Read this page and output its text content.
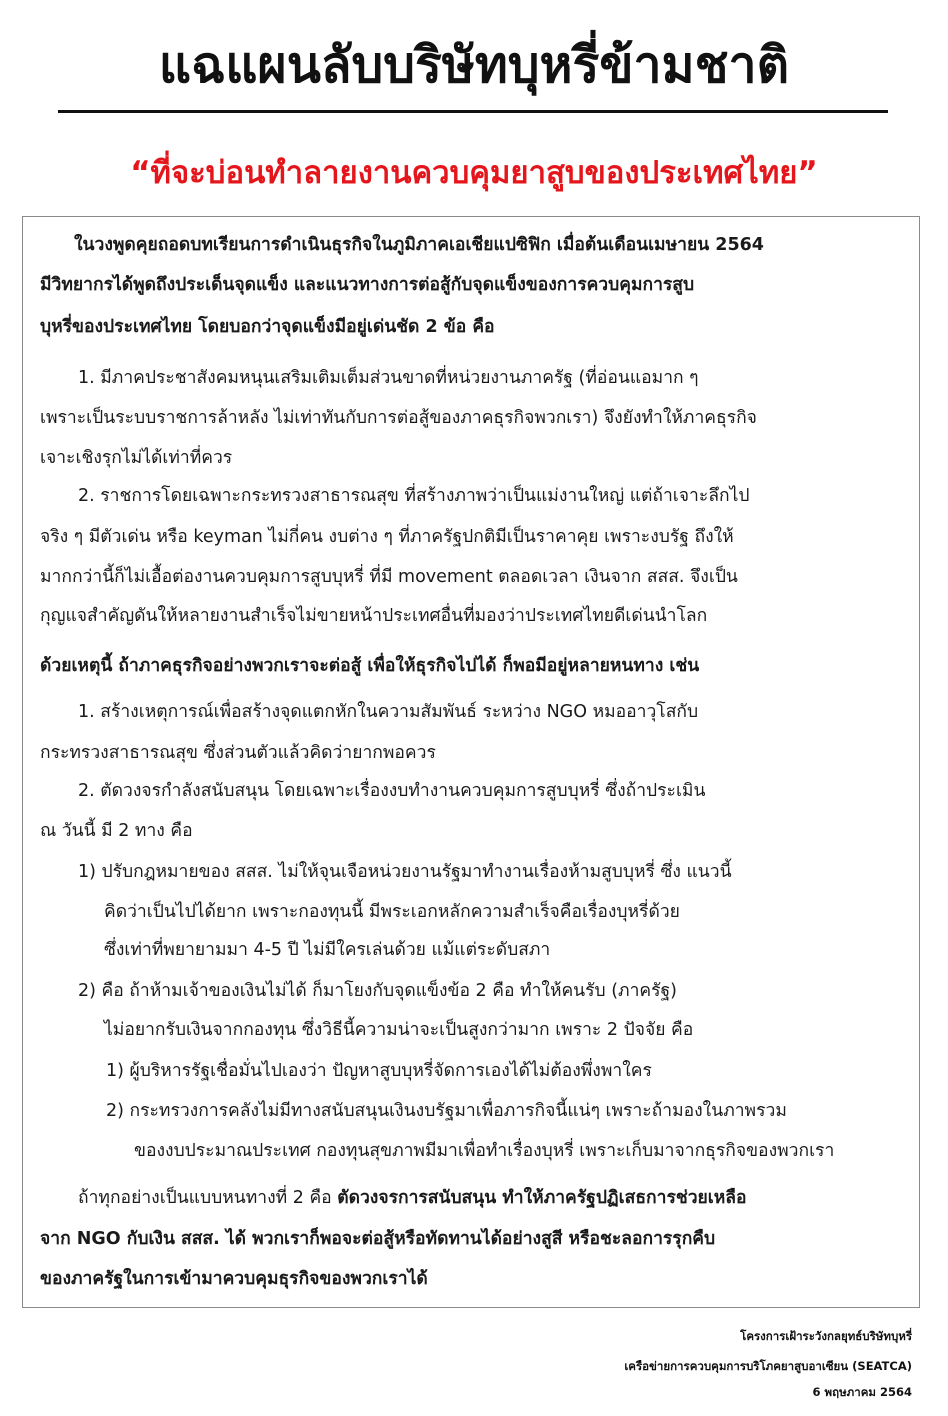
แฉแผนลับบริษัทบุหรี่ข้ามชาติ
“ที่จะบ่อนทำลายงานควบคุมยาสูบของประเทศไทย”
ในวงพูดคุยถอดบทเรียนการดำเนินธุรกิจในภูมิภาคเอเชียแปซิฟิก เมื่อต้นเดือนเมษายน 2564
มีวิทยากรได้พูดถึงประเด็นจุดแข็ง และแนวทางการต่อสู้กับจุดแข็งของการควบคุมการสูบ
บุหรี่ของประเทศไทย โดยบอกว่าจุดแข็งมีอยู่เด่นชัด 2 ข้อ คือ
1. มีภาคประชาสังคมหนุนเสริมเติมเต็มส่วนขาดที่หน่วยงานภาครัฐ (ที่อ่อนแอมาก ๆ
เพราะเป็นระบบราชการล้าหลัง ไม่เท่าทันกับการต่อสู้ของภาคธุรกิจพวกเรา) จึงยังทำให้ภาคธุรกิจ
เจาะเชิงรุกไม่ได้เท่าที่ควร
2. ราชการโดยเฉพาะกระทรวงสาธารณสุข ที่สร้างภาพว่าเป็นแม่งานใหญ่ แต่ถ้าเจาะลึกไป
จริง ๆ มีตัวเด่น หรือ keyman ไม่กี่คน งบต่าง ๆ ที่ภาครัฐปกติมีเป็นราคาคุย เพราะงบรัฐ ถึงให้
มากกว่านี้ก็ไม่เอื้อต่องานควบคุมการสูบบุหรี่ ที่มี movement ตลอดเวลา เงินจาก สสส. จึงเป็น
กุญแจสำคัญดันให้หลายงานสำเร็จไม่ขายหน้าประเทศอื่นที่มองว่าประเทศไทยดีเด่นนำโลก
ด้วยเหตุนี้ ถ้าภาคธุรกิจอย่างพวกเราจะต่อสู้ เพื่อให้ธุรกิจไปได้ ก็พอมีอยู่หลายหนทาง เช่น
1. สร้างเหตุการณ์เพื่อสร้างจุดแตกหักในความสัมพันธ์ ระหว่าง NGO หมออาวุโสกับ
กระทรวงสาธารณสุข ซึ่งส่วนตัวแล้วคิดว่ายากพอควร
2. ตัดวงจรกำลังสนับสนุน โดยเฉพาะเรื่องงบทำงานควบคุมการสูบบุหรี่ ซึ่งถ้าประเมิน
ณ วันนี้ มี 2 ทาง คือ
1) ปรับกฎหมายของ สสส. ไม่ให้จุนเจือหน่วยงานรัฐมาทำงานเรื่องห้ามสูบบุหรี่ ซึ่ง แนวนี้
คิดว่าเป็นไปได้ยาก เพราะกองทุนนี้ มีพระเอกหลักความสำเร็จคือเรื่องบุหรี่ด้วย
ซึ่งเท่าที่พยายามมา 4-5 ปี ไม่มีใครเล่นด้วย แม้แต่ระดับสภา
2) คือ ถ้าห้ามเจ้าของเงินไม่ได้ ก็มาโยงกับจุดแข็งข้อ 2 คือ ทำให้คนรับ (ภาครัฐ)
ไม่อยากรับเงินจากกองทุน ซึ่งวิธีนี้ความน่าจะเป็นสูงกว่ามาก เพราะ 2 ปัจจัย คือ
1) ผู้บริหารรัฐเชื่อมั่นไปเองว่า ปัญหาสูบบุหรี่จัดการเองได้ไม่ต้องพึ่งพาใคร
2) กระทรวงการคลังไม่มีทางสนับสนุนเงินงบรัฐมาเพื่อภารกิจนี้แน่ๆ เพราะถ้ามองในภาพรวม
ของงบประมาณประเทศ กองทุนสุขภาพมีมาเพื่อทำเรื่องบุหรี่ เพราะเก็บมาจากธุรกิจของพวกเรา
ถ้าทุกอย่างเป็นแบบหนทางที่ 2 คือ ตัดวงจรการสนับสนุน ทำให้ภาครัฐปฏิเสธการช่วยเหลือ
จาก NGO กับเงิน สสส. ได้ พวกเราก็พอจะต่อสู้หรือทัดทานได้อย่างสูสี หรือชะลอการรุกคืบ
ของภาครัฐในการเข้ามาควบคุมธุรกิจของพวกเราได้
โครงการเฝ้าระวังกลยุทธ์บริษัทบุหรี่
เครือข่ายการควบคุมการบริโภคยาสูบอาเซียน (SEATCA)
6 พฤษภาคม 2564
